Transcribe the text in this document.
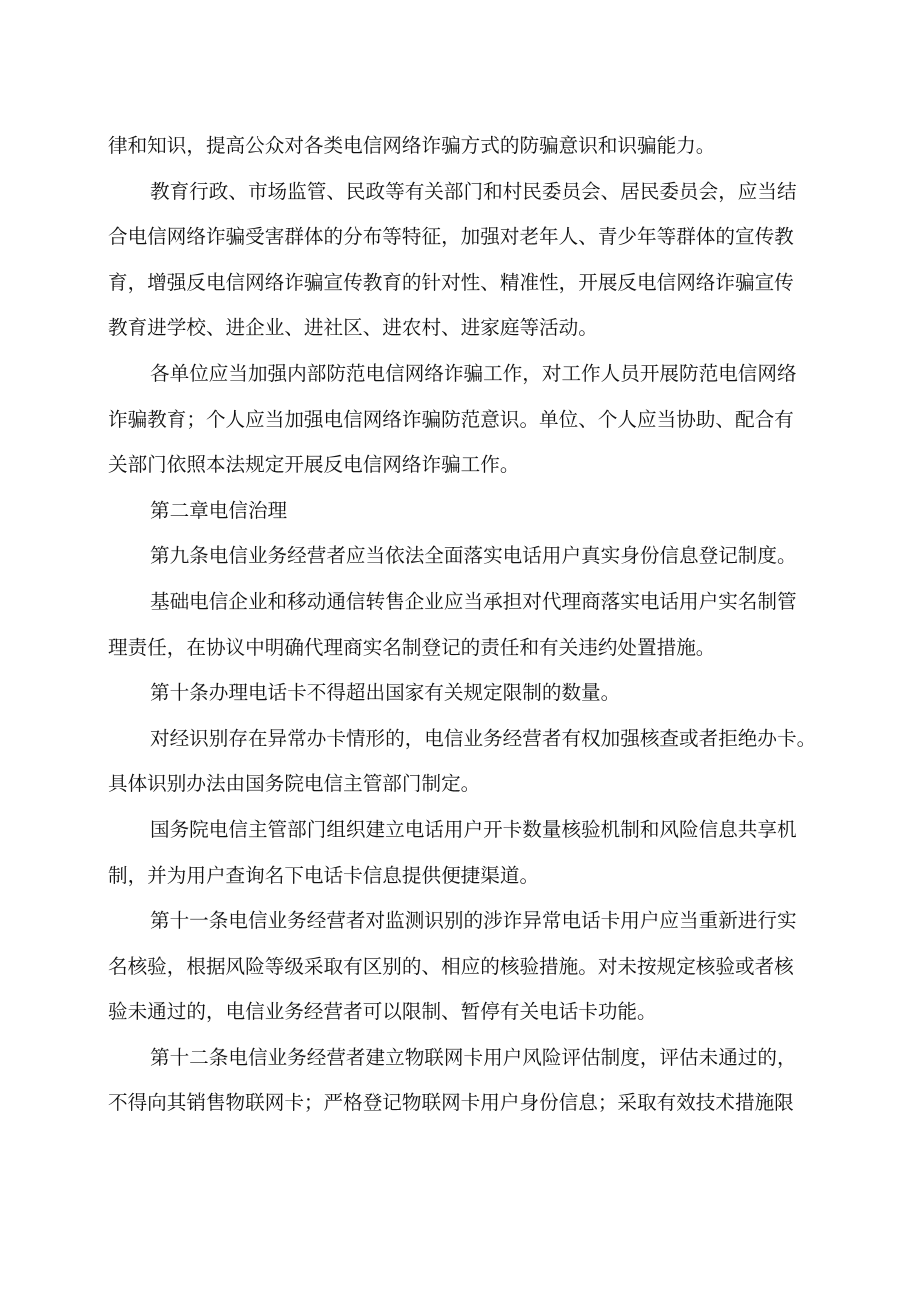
律和知识，提高公众对各类电信网络诈骗方式的防骗意识和识骗能力。
教育行政、市场监管、民政等有关部门和村民委员会、居民委员会，应当结
合电信网络诈骗受害群体的分布等特征，加强对老年人、青少年等群体的宣传教
育，增强反电信网络诈骗宣传教育的针对性、精准性，开展反电信网络诈骗宣传
教育进学校、进企业、进社区、进农村、进家庭等活动。
各单位应当加强内部防范电信网络诈骗工作，对工作人员开展防范电信网络
诈骗教育；个人应当加强电信网络诈骗防范意识。单位、个人应当协助、配合有
关部门依照本法规定开展反电信网络诈骗工作。
第二章电信治理
第九条电信业务经营者应当依法全面落实电话用户真实身份信息登记制度。
基础电信企业和移动通信转售企业应当承担对代理商落实电话用户实名制管
理责任，在协议中明确代理商实名制登记的责任和有关违约处置措施。
第十条办理电话卡不得超出国家有关规定限制的数量。
对经识别存在异常办卡情形的，电信业务经营者有权加强核查或者拒绝办卡。
具体识别办法由国务院电信主管部门制定。
国务院电信主管部门组织建立电话用户开卡数量核验机制和风险信息共享机
制，并为用户查询名下电话卡信息提供便捷渠道。
第十一条电信业务经营者对监测识别的涉诈异常电话卡用户应当重新进行实
名核验，根据风险等级采取有区别的、相应的核验措施。对未按规定核验或者核
验未通过的，电信业务经营者可以限制、暂停有关电话卡功能。
第十二条电信业务经营者建立物联网卡用户风险评估制度，评估未通过的，
不得向其销售物联网卡；严格登记物联网卡用户身份信息；采取有效技术措施限
